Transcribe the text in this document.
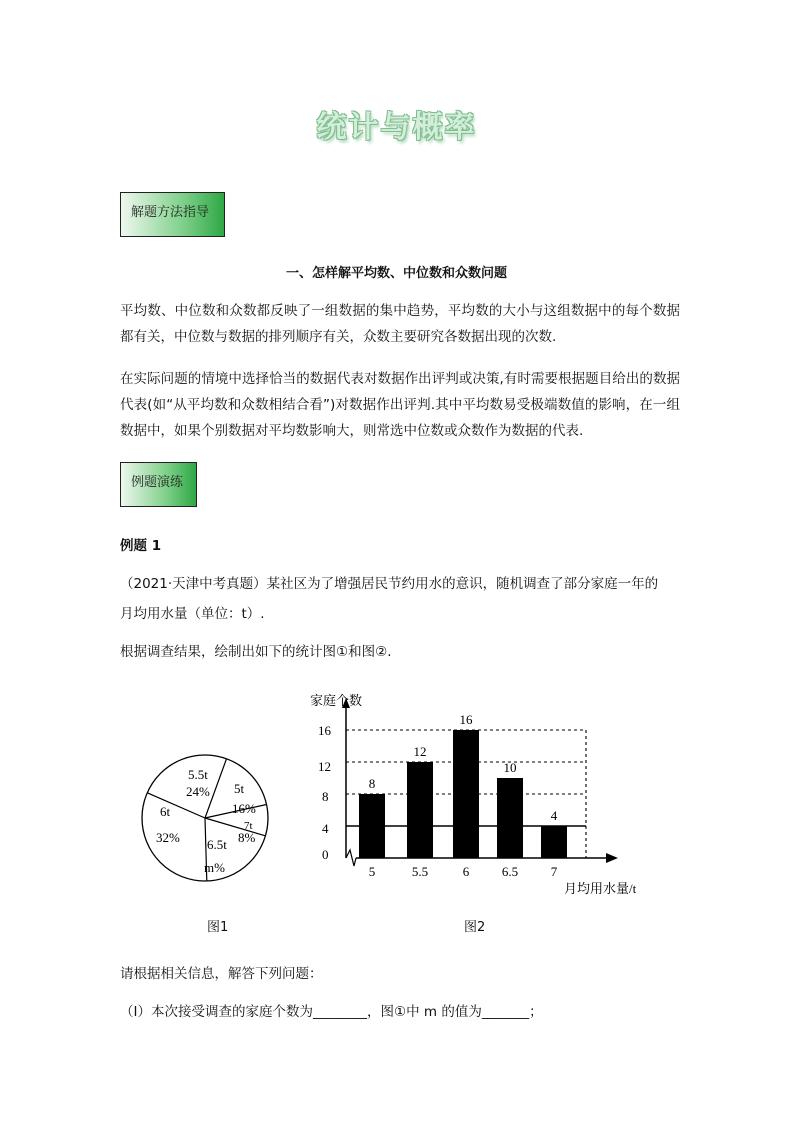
统计与概率
解题方法指导
一、怎样解平均数、中位数和众数问题
平均数、中位数和众数都反映了一组数据的集中趋势，平均数的大小与这组数据中的每个数据都有关，中位数与数据的排列顺序有关，众数主要研究各数据出现的次数.
在实际问题的情境中选择恰当的数据代表对数据作出评判或决策,有时需要根据题目给出的数据代表(如“从平均数和众数相结合看”)对数据作出评判.其中平均数易受极端数值的影响，在一组数据中，如果个别数据对平均数影响大，则常选中位数或众数作为数据的代表.
例题演练
例题 1
（2021·天津中考真题）某社区为了增强居民节约用水的意识，随机调查了部分家庭一年的
月均用水量（单位：t）.
根据调查结果，绘制出如下的统计图①和图②.
5.5t
24% 5t
16%
7t
8%
6t
32% 6.5t
m%
家庭个数
月均用水量/t
0
4
8
12
16
5	5.5	6	6.5	7
8
12
16
10
4
图1	图2
请根据相关信息，解答下列问题：
（Ⅰ）本次接受调查的家庭个数为________，图①中 m 的值为_______；
